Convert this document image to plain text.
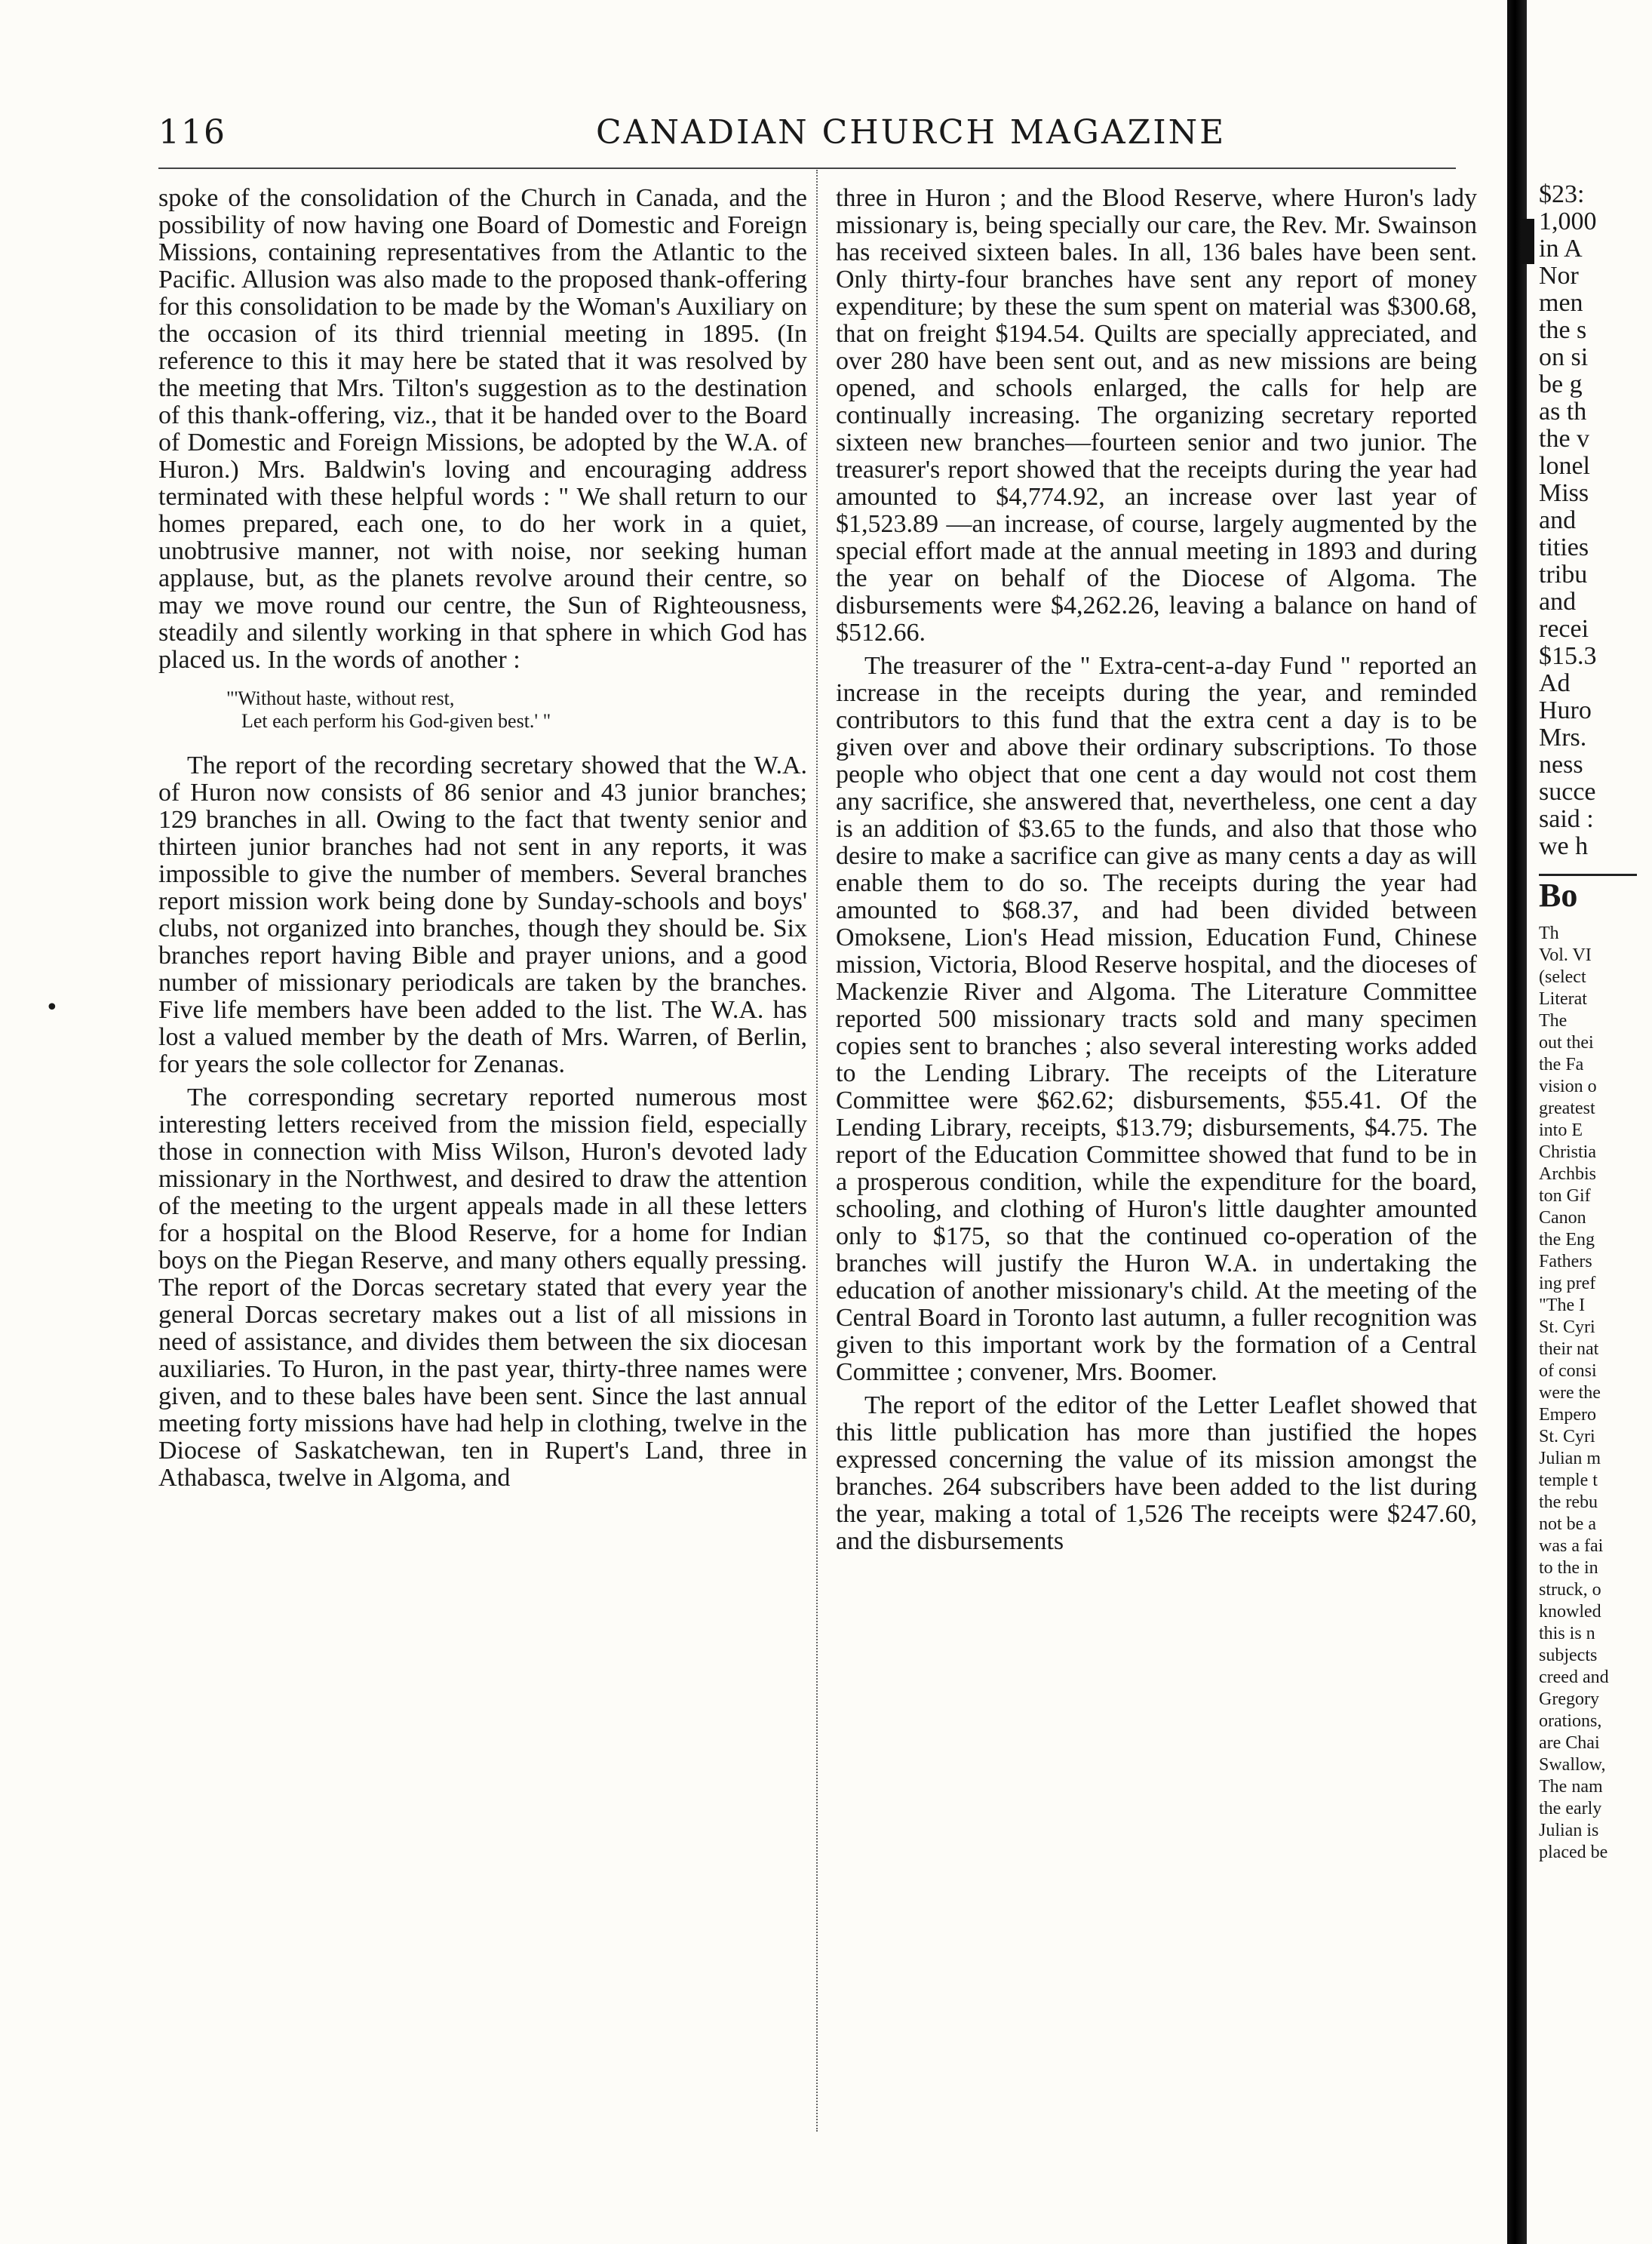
116	CANADIAN CHURCH MAGAZINE
•

spoke of the consolidation of the Church in Canada, and the possibility of now having one Board of Domestic and Foreign Missions, containing representatives from the Atlantic to the Pacific. Allusion was also made to the proposed thank-offering for this consolidation to be made by the Woman's Auxiliary on the occasion of its third triennial meeting in 1895. (In reference to this it may here be stated that it was resolved by the meeting that Mrs. Tilton's suggestion as to the destination of this thank-offering, viz., that it be handed over to the Board of Domestic and Foreign Missions, be adopted by the W.A. of Huron.) Mrs. Baldwin's loving and encouraging address terminated with these helpful words : " We shall return to our homes prepared, each one, to do her work in a quiet, unobtrusive manner, not with noise, nor seeking human applause, but, as the planets revolve around their centre, so may we move round our centre, the Sun of Righteousness, steadily and silently working in that sphere in which God has placed us. In the words of another :

"'Without haste, without rest,
Let each perform his God-given best.' "

The report of the recording secretary showed that the W.A. of Huron now consists of 86 senior and 43 junior branches; 129 branches in all. Owing to the fact that twenty senior and thirteen junior branches had not sent in any reports, it was impossible to give the number of members. Several branches report mission work being done by Sunday-schools and boys' clubs, not organized into branches, though they should be. Six branches report having Bible and prayer unions, and a good number of missionary periodicals are taken by the branches. Five life members have been added to the list. The W.A. has lost a valued member by the death of Mrs. Warren, of Berlin, for years the sole collector for Zenanas.

The corresponding secretary reported numerous most interesting letters received from the mission field, especially those in connection with Miss Wilson, Huron's devoted lady missionary in the Northwest, and desired to draw the attention of the meeting to the urgent appeals made in all these letters for a hospital on the Blood Reserve, for a home for Indian boys on the Piegan Reserve, and many others equally pressing. The report of the Dorcas secretary stated that every year the general Dorcas secretary makes out a list of all missions in need of assistance, and divides them between the six diocesan auxiliaries. To Huron, in the past year, thirty-three names were given, and to these bales have been sent. Since the last annual meeting forty missions have had help in clothing, twelve in the Diocese of Saskatchewan, ten in Rupert's Land, three in Athabasca, twelve in Algoma, and

three in Huron ; and the Blood Reserve, where Huron's lady missionary is, being specially our care, the Rev. Mr. Swainson has received sixteen bales. In all, 136 bales have been sent. Only thirty-four branches have sent any report of money expenditure; by these the sum spent on material was $300.68, that on freight $194.54. Quilts are specially appreciated, and over 280 have been sent out, and as new missions are being opened, and schools enlarged, the calls for help are continually increasing. The organizing secretary reported sixteen new branches—fourteen senior and two junior. The treasurer's report showed that the receipts during the year had amounted to $4,774.92, an increase over last year of $1,523.89 —an increase, of course, largely augmented by the special effort made at the annual meeting in 1893 and during the year on behalf of the Diocese of Algoma. The disbursements were $4,262.26, leaving a balance on hand of $512.66.

The treasurer of the " Extra-cent-a-day Fund " reported an increase in the receipts during the year, and reminded contributors to this fund that the extra cent a day is to be given over and above their ordinary subscriptions. To those people who object that one cent a day would not cost them any sacrifice, she answered that, nevertheless, one cent a day is an addition of $3.65 to the funds, and also that those who desire to make a sacrifice can give as many cents a day as will enable them to do so. The receipts during the year had amounted to $68.37, and had been divided between Omoksene, Lion's Head mission, Education Fund, Chinese mission, Victoria, Blood Reserve hospital, and the dioceses of Mackenzie River and Algoma. The Literature Committee reported 500 missionary tracts sold and many specimen copies sent to branches ; also several interesting works added to the Lending Library. The receipts of the Literature Committee were $62.62; disbursements, $55.41. Of the Lending Library, receipts, $13.79; disbursements, $4.75. The report of the Education Committee showed that fund to be in a prosperous condition, while the expenditure for the board, schooling, and clothing of Huron's little daughter amounted only to $175, so that the continued co-operation of the branches will justify the Huron W.A. in undertaking the education of another missionary's child. At the meeting of the Central Board in Toronto last autumn, a fuller recognition was given to this important work by the formation of a Central Committee ; convener, Mrs. Boomer.

The report of the editor of the Letter Leaflet showed that this little publication has more than justified the hopes expressed concerning the value of its mission amongst the branches. 264 subscribers have been added to the list during the year, making a total of 1,526 The receipts were $247.60, and the disbursements

$23:
1,000
in A
Nor
men
the s
on si
be g
as th
the v
lonel
Miss
and
tities
tribu
and
recei
$15.3
Ad
Huro
Mrs.
ness
succe
said :
we h
Bo
Th
Vol. VI
(select
Literat
The
out thei
the Fa
vision o
greatest
into E
Christia
Archbis
ton Gif
Canon
the Eng
Fathers
ing pref
"The I
St. Cyri
their nat
of consi
were the
Empero
St. Cyri
Julian m
temple t
the rebu
not be a
was a fai
to the in
struck, o
knowled
this is n
subjects
creed and
Gregory
orations,
are Chai
Swallow,
The nam
the early
Julian is
placed be
